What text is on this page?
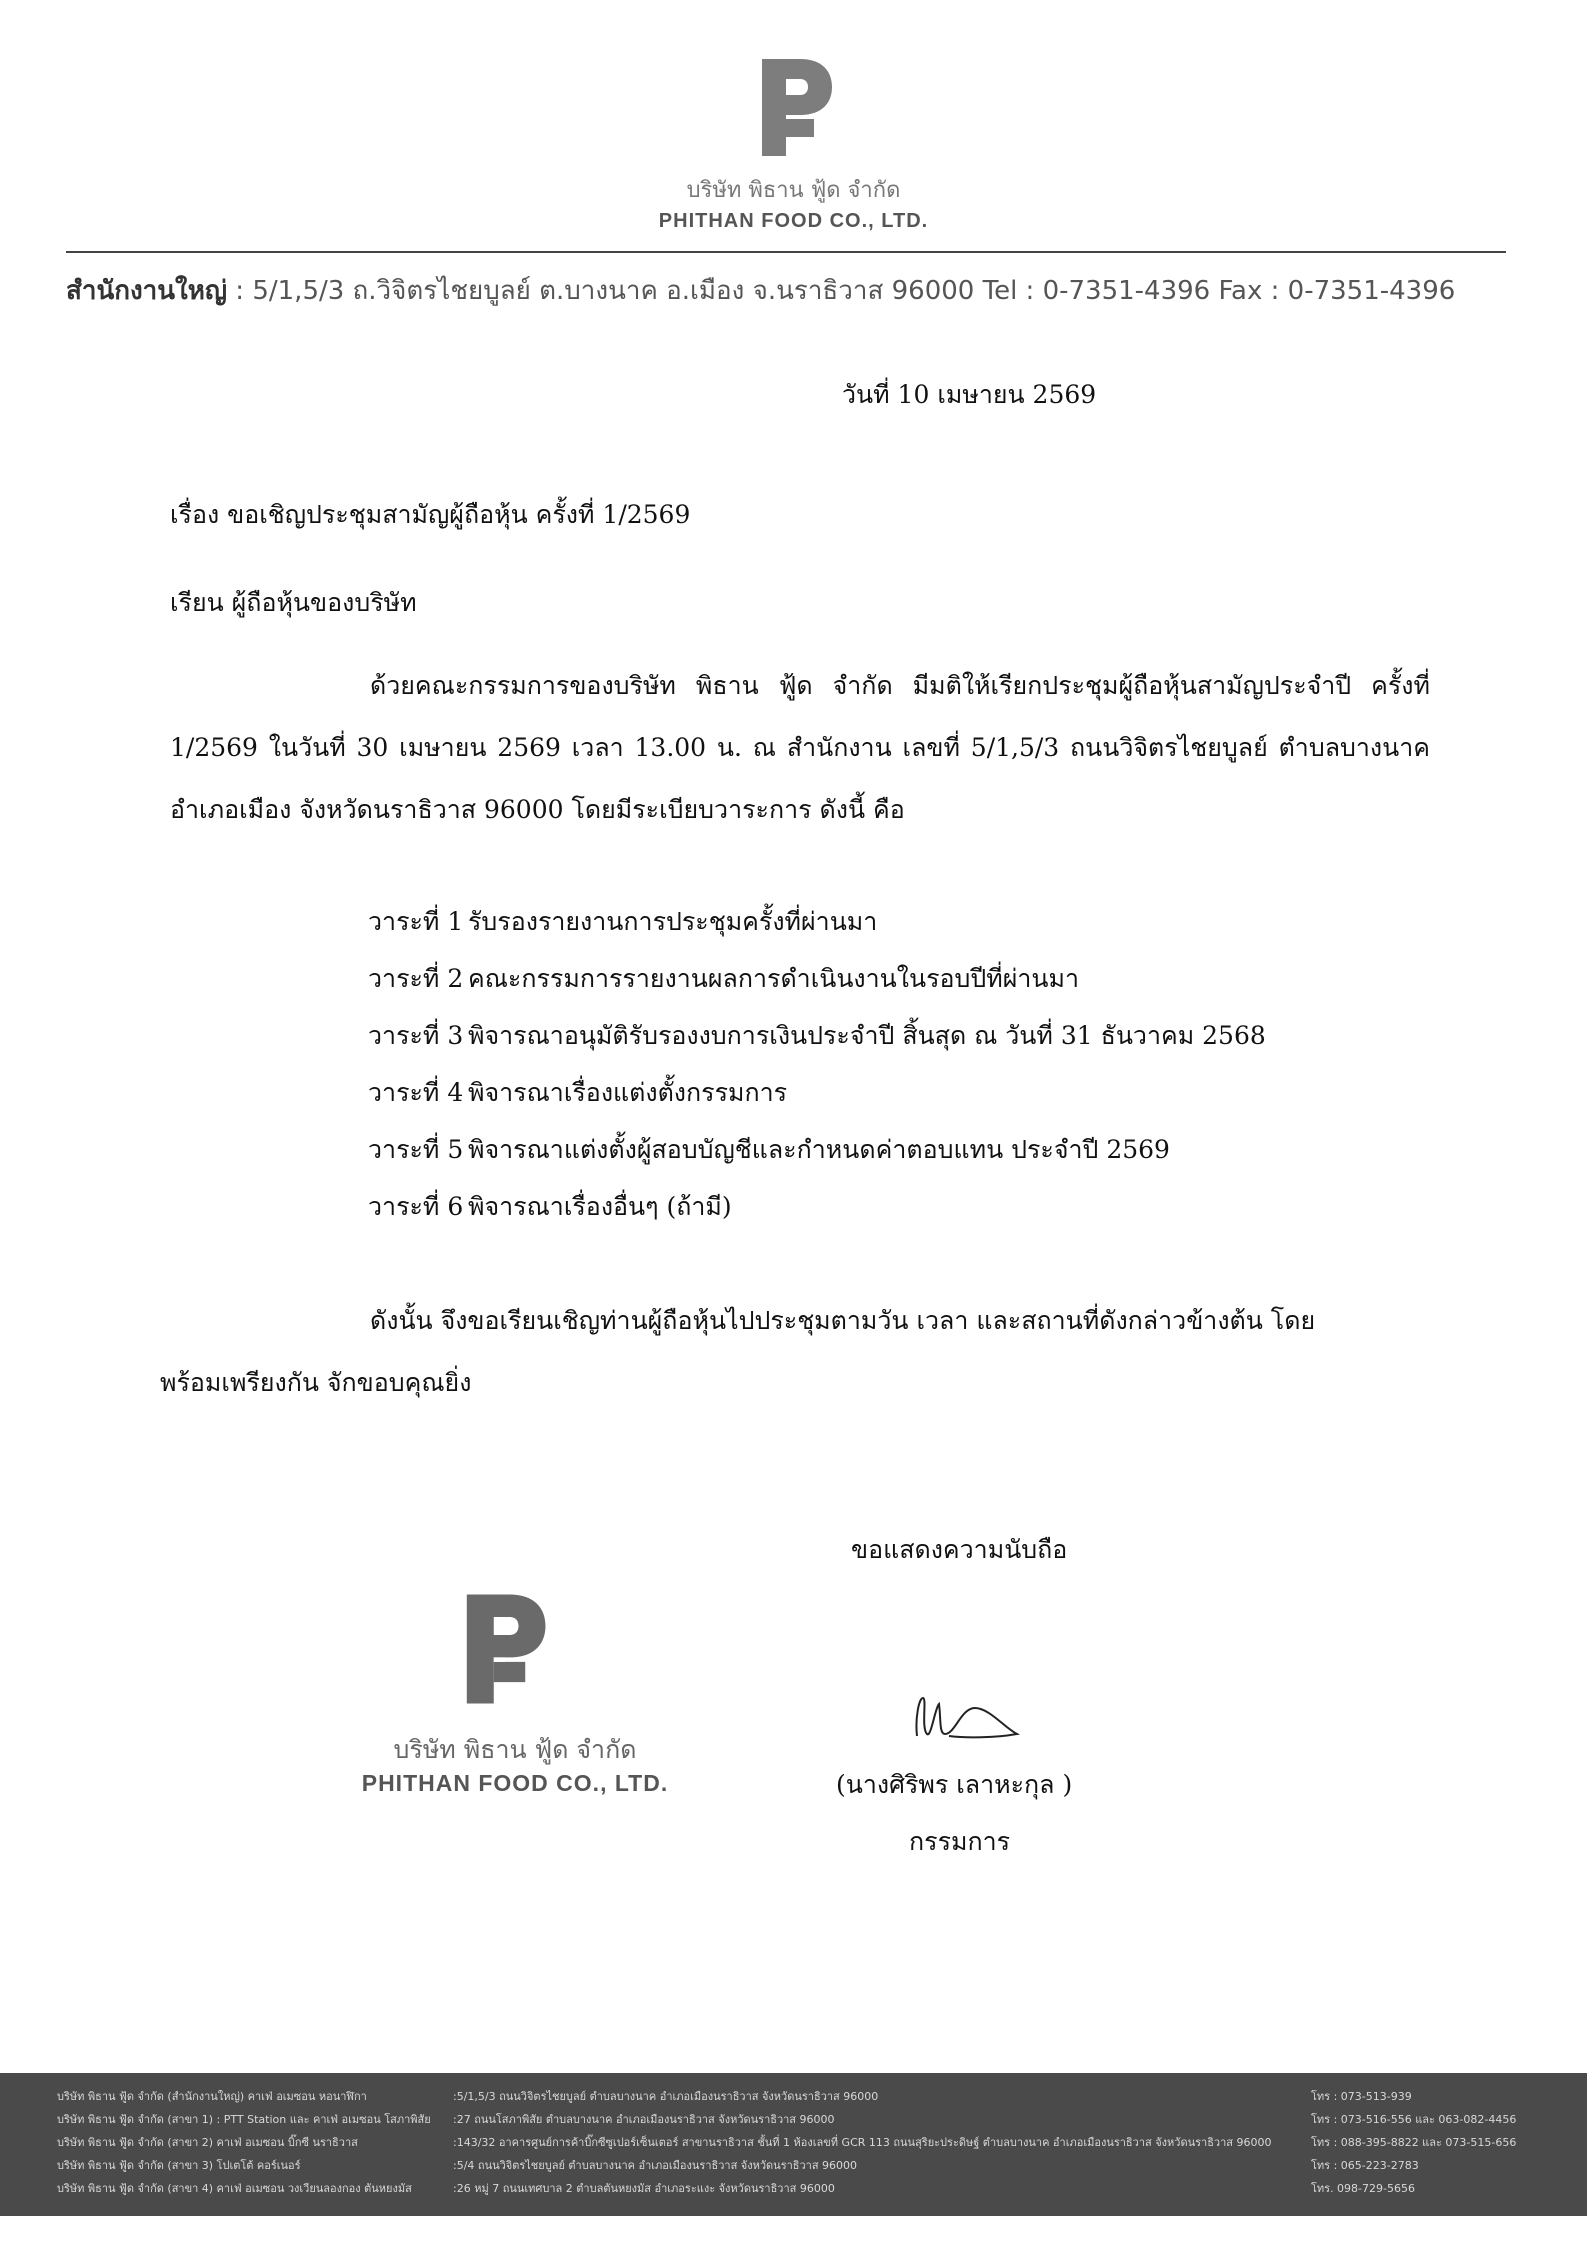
บริษัท พิธาน ฟู้ด จำกัด
PHITHAN FOOD CO., LTD.
สำนักงานใหญ่ : 5/1,5/3 ถ.วิจิตรไชยบูลย์ ต.บางนาค อ.เมือง จ.นราธิวาส 96000 Tel : 0-7351-4396 Fax : 0-7351-4396
วันที่ 10 เมษายน 2569
เรื่อง ขอเชิญประชุมสามัญผู้ถือหุ้น ครั้งที่ 1/2569
เรียน ผู้ถือหุ้นของบริษัท
ด้วยคณะกรรมการของบริษัท พิธาน ฟู้ด จำกัด มีมติให้เรียกประชุมผู้ถือหุ้นสามัญประจำปี ครั้งที่ 1/2569 ในวันที่ 30 เมษายน 2569 เวลา 13.00 น. ณ สำนักงาน เลขที่ 5/1,5/3 ถนนวิจิตรไชยบูลย์ ตำบลบางนาค อำเภอเมือง จังหวัดนราธิวาส 96000 โดยมีระเบียบวาระการ ดังนี้ คือ
วาระที่ 1 รับรองรายงานการประชุมครั้งที่ผ่านมา
วาระที่ 2 คณะกรรมการรายงานผลการดำเนินงานในรอบปีที่ผ่านมา
วาระที่ 3 พิจารณาอนุมัติรับรองงบการเงินประจำปี สิ้นสุด ณ วันที่ 31 ธันวาคม 2568
วาระที่ 4 พิจารณาเรื่องแต่งตั้งกรรมการ
วาระที่ 5 พิจารณาแต่งตั้งผู้สอบบัญชีและกำหนดค่าตอบแทน ประจำปี 2569
วาระที่ 6 พิจารณาเรื่องอื่นๆ (ถ้ามี)
ดังนั้น จึงขอเรียนเชิญท่านผู้ถือหุ้นไปประชุมตามวัน เวลา และสถานที่ดังกล่าวข้างต้น โดยพร้อมเพรียงกัน จักขอบคุณยิ่ง
ขอแสดงความนับถือ
บริษัท พิธาน ฟู้ด จำกัด
PHITHAN FOOD CO., LTD.	(นางศิริพร เลาหะกุล )
กรรมการ
บริษัท พิธาน ฟู้ด จำกัด (สำนักงานใหญ่) คาเฟ่ อเมซอน หอนาฬิกา	:5/1,5/3 ถนนวิจิตรไชยบูลย์ ตำบลบางนาค อำเภอเมืองนราธิวาส จังหวัดนราธิวาส 96000	โทร : 073-513-939
บริษัท พิธาน ฟู้ด จำกัด (สาขา 1) : PTT Station และ คาเฟ่ อเมซอน โสภาพิสัย :27 ถนนโสภาพิสัย ตำบลบางนาค อำเภอเมืองนราธิวาส จังหวัดนราธิวาส 96000	โทร : 073-516-556 และ 063-082-4456
บริษัท พิธาน ฟู้ด จำกัด (สาขา 2) คาเฟ่ อเมซอน บิ๊กซี นราธิวาส	:143/32 อาคารศูนย์การค้าบิ๊กซีซูเปอร์เซ็นเตอร์ สาขานราธิวาส ชั้นที่ 1 ห้องเลขที่ GCR 113 ถนนสุริยะประดิษฐ์ ตำบลบางนาค อำเภอเมืองนราธิวาส จังหวัดนราธิวาส 96000	โทร : 088-395-8822 และ 073-515-656
บริษัท พิธาน ฟู้ด จำกัด (สาขา 3) โปเตโต้ คอร์เนอร์	:5/4 ถนนวิจิตรไชยบูลย์ ตำบลบางนาค อำเภอเมืองนราธิวาส จังหวัดนราธิวาส 96000	โทร : 065-223-2783
บริษัท พิธาน ฟู้ด จำกัด (สาขา 4) คาเฟ่ อเมซอน วงเวียนลองกอง ตันหยงมัส	:26 หมู่ 7 ถนนเทศบาล 2 ตำบลตันหยงมัส อำเภอระแงะ จังหวัดนราธิวาส 96000	โทร. 098-729-5656
